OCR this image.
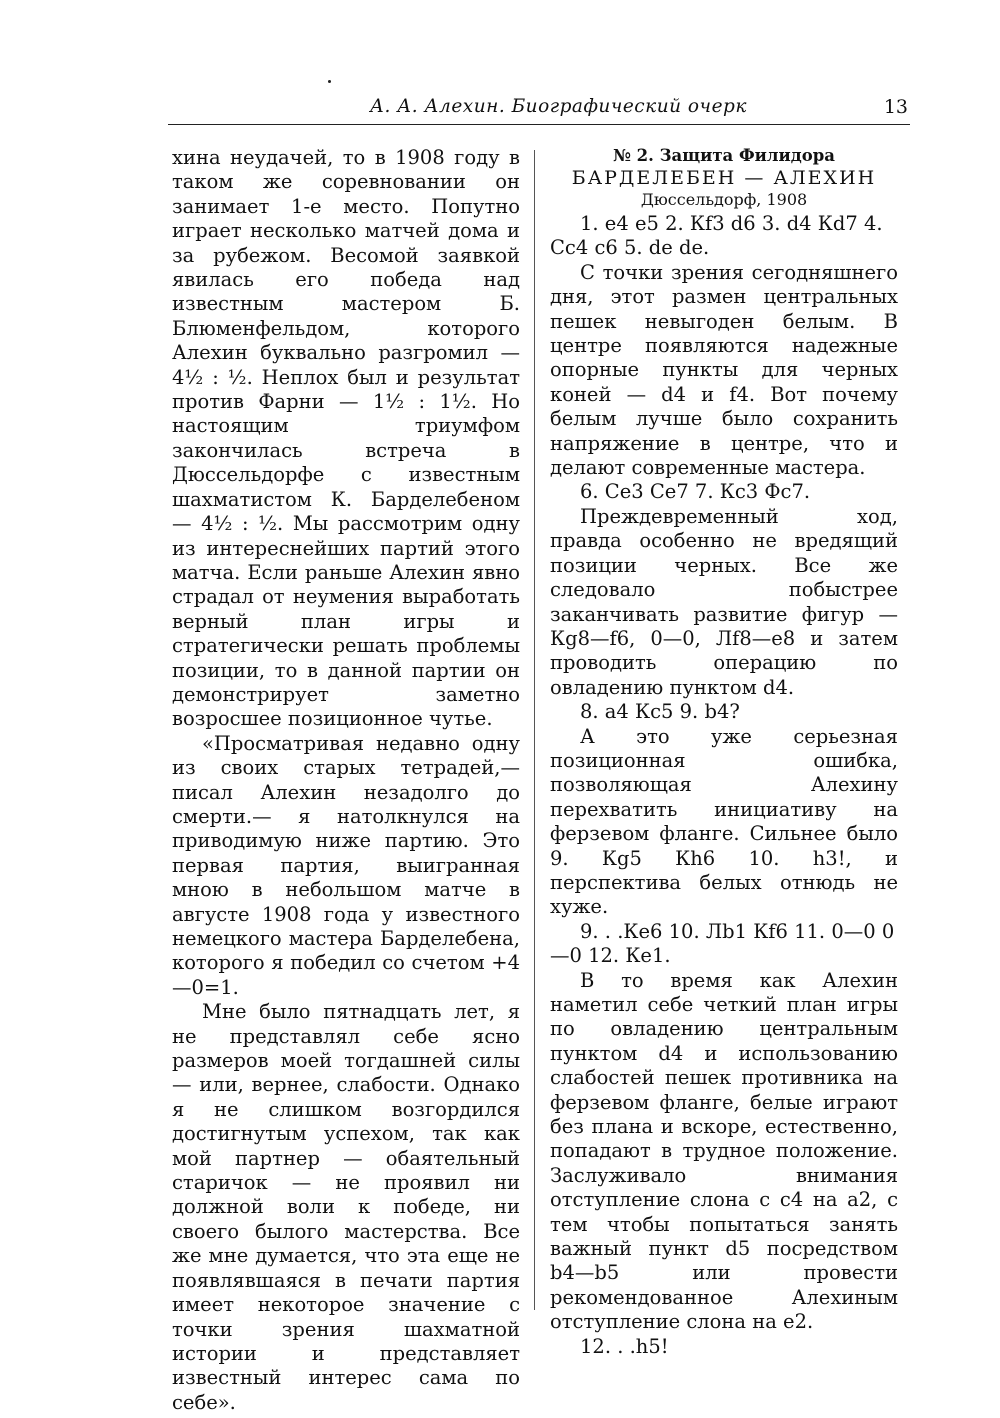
А. А. Алехин. Биографический очерк	13

хина неудачей, то в 1908 году в таком же соревновании он занимает 1-е место. Попутно играет несколько матчей дома и за рубежом. Весомой заявкой явилась его победа над известным мастером Б. Блюменфельдом, которого Алехин буквально разгромил — 4½ : ½. Неплох был и результат против Фарни — 1½ : 1½. Но настоящим триумфом закончилась встреча в Дюссельдорфе с известным шахматистом К. Барделебеном — 4½ : ½. Мы рассмотрим одну из интереснейших партий этого матча. Если раньше Алехин явно страдал от неумения выработать верный план игры и стратегически решать проблемы позиции, то в данной партии он демонстрирует заметно возросшее позиционное чутье.

«Просматривая недавно одну из своих старых тетрадей,— писал Алехин незадолго до смерти.— я натолкнулся на приводимую ниже партию. Это первая партия, выигранная мною в небольшом матче в августе 1908 года у известного немецкого мастера Барделебена, которого я победил со счетом +4—0=1.

Мне было пятнадцать лет, я не представлял себе ясно размеров моей тогдашней силы — или, вернее, слабости. Однако я не слишком возгордился достигнутым успехом, так как мой партнер — обаятельный старичок — не проявил ни должной воли к победе, ни своего былого мастерства. Все же мне думается, что эта еще не появлявшаяся в печати партия имеет некоторое значение с точки зрения шахматной истории и представляет известный интерес сама по себе».

№ 2. Защита Филидора

БАРДЕЛЕБЕН — АЛЕХИН

Дюссельдорф, 1908

1. e4 e5 2. Кf3 d6 3. d4 Кd7 4. Сc4 c6 5. de de.

С точки зрения сегодняшнего дня, этот размен центральных пешек невыгоден белым. В центре появляются надежные опорные пункты для черных коней — d4 и f4. Вот почему белым лучше было сохранить напряжение в центре, что и делают современные мастера.

6. Сe3 Сe7 7. Кc3 Фc7.

Преждевременный ход, правда особенно не вредящий позиции черных. Все же следовало побыстрее заканчивать развитие фигур — Кg8—f6, 0—0, Лf8—e8 и затем проводить операцию по овладению пунктом d4.

8. a4 Кc5 9. b4?

А это уже серьезная позиционная ошибка, позволяющая Алехину перехватить инициативу на ферзевом фланге. Сильнее было 9. Кg5 Кh6 10. h3!, и перспектива белых отнюдь не хуже.

9. . .Кe6 10. Лb1 Кf6 11. 0—0 0—0 12. Кe1.

В то время как Алехин наметил себе четкий план игры по овладению центральным пунктом d4 и использованию слабостей пешек противника на ферзевом фланге, белые играют без плана и вскоре, естественно, попадают в трудное положение. Заслуживало внимания отступление слона с c4 на a2, с тем чтобы попытаться занять важный пункт d5 посредством b4—b5 или провести рекомендованное Алехиным отступление слона на e2.

12. . .h5!
